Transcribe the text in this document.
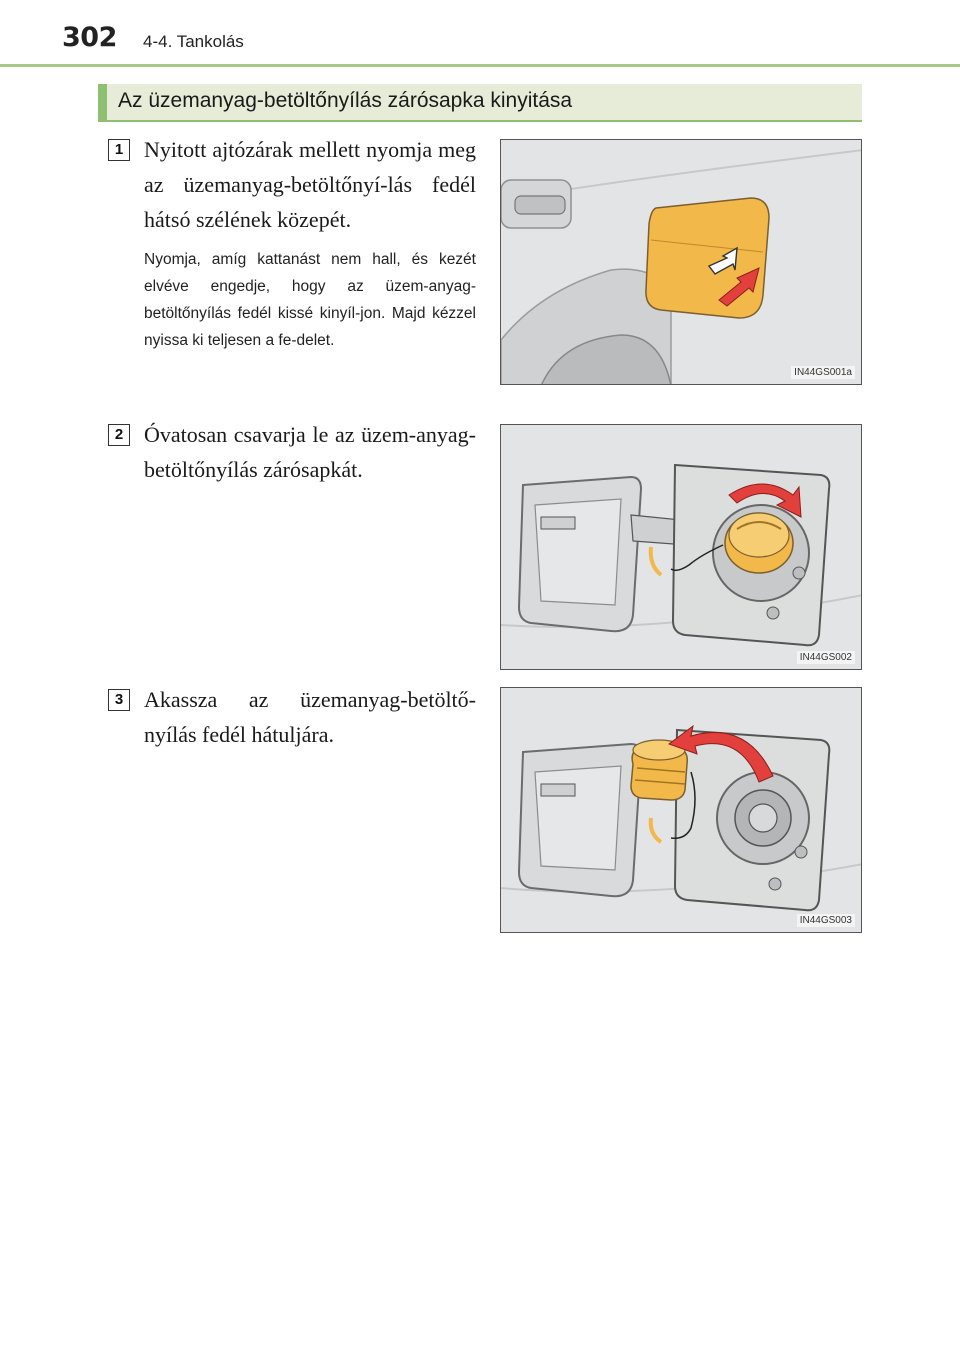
302 4-4. Tankolás
Az üzemanyag-betöltőnyílás zárósapka kinyitása
1 Nyitott ajtózárak mellett nyomja meg az üzemanyag-betöltőnyí-lás fedél hátsó szélének közepét.
Nyomja, amíg kattanást nem hall, és kezét elvéve engedje, hogy az üzem-anyag-betöltőnyílás fedél kissé kinyíl-jon. Majd kézzel nyissa ki teljesen a fe-delet.
IN44GS001a
2 Óvatosan csavarja le az üzem-anyag-betöltőnyílás zárósapkát.
IN44GS002
3 Akassza az üzemanyag-betöltő-nyílás fedél hátuljára.
IN44GS003
